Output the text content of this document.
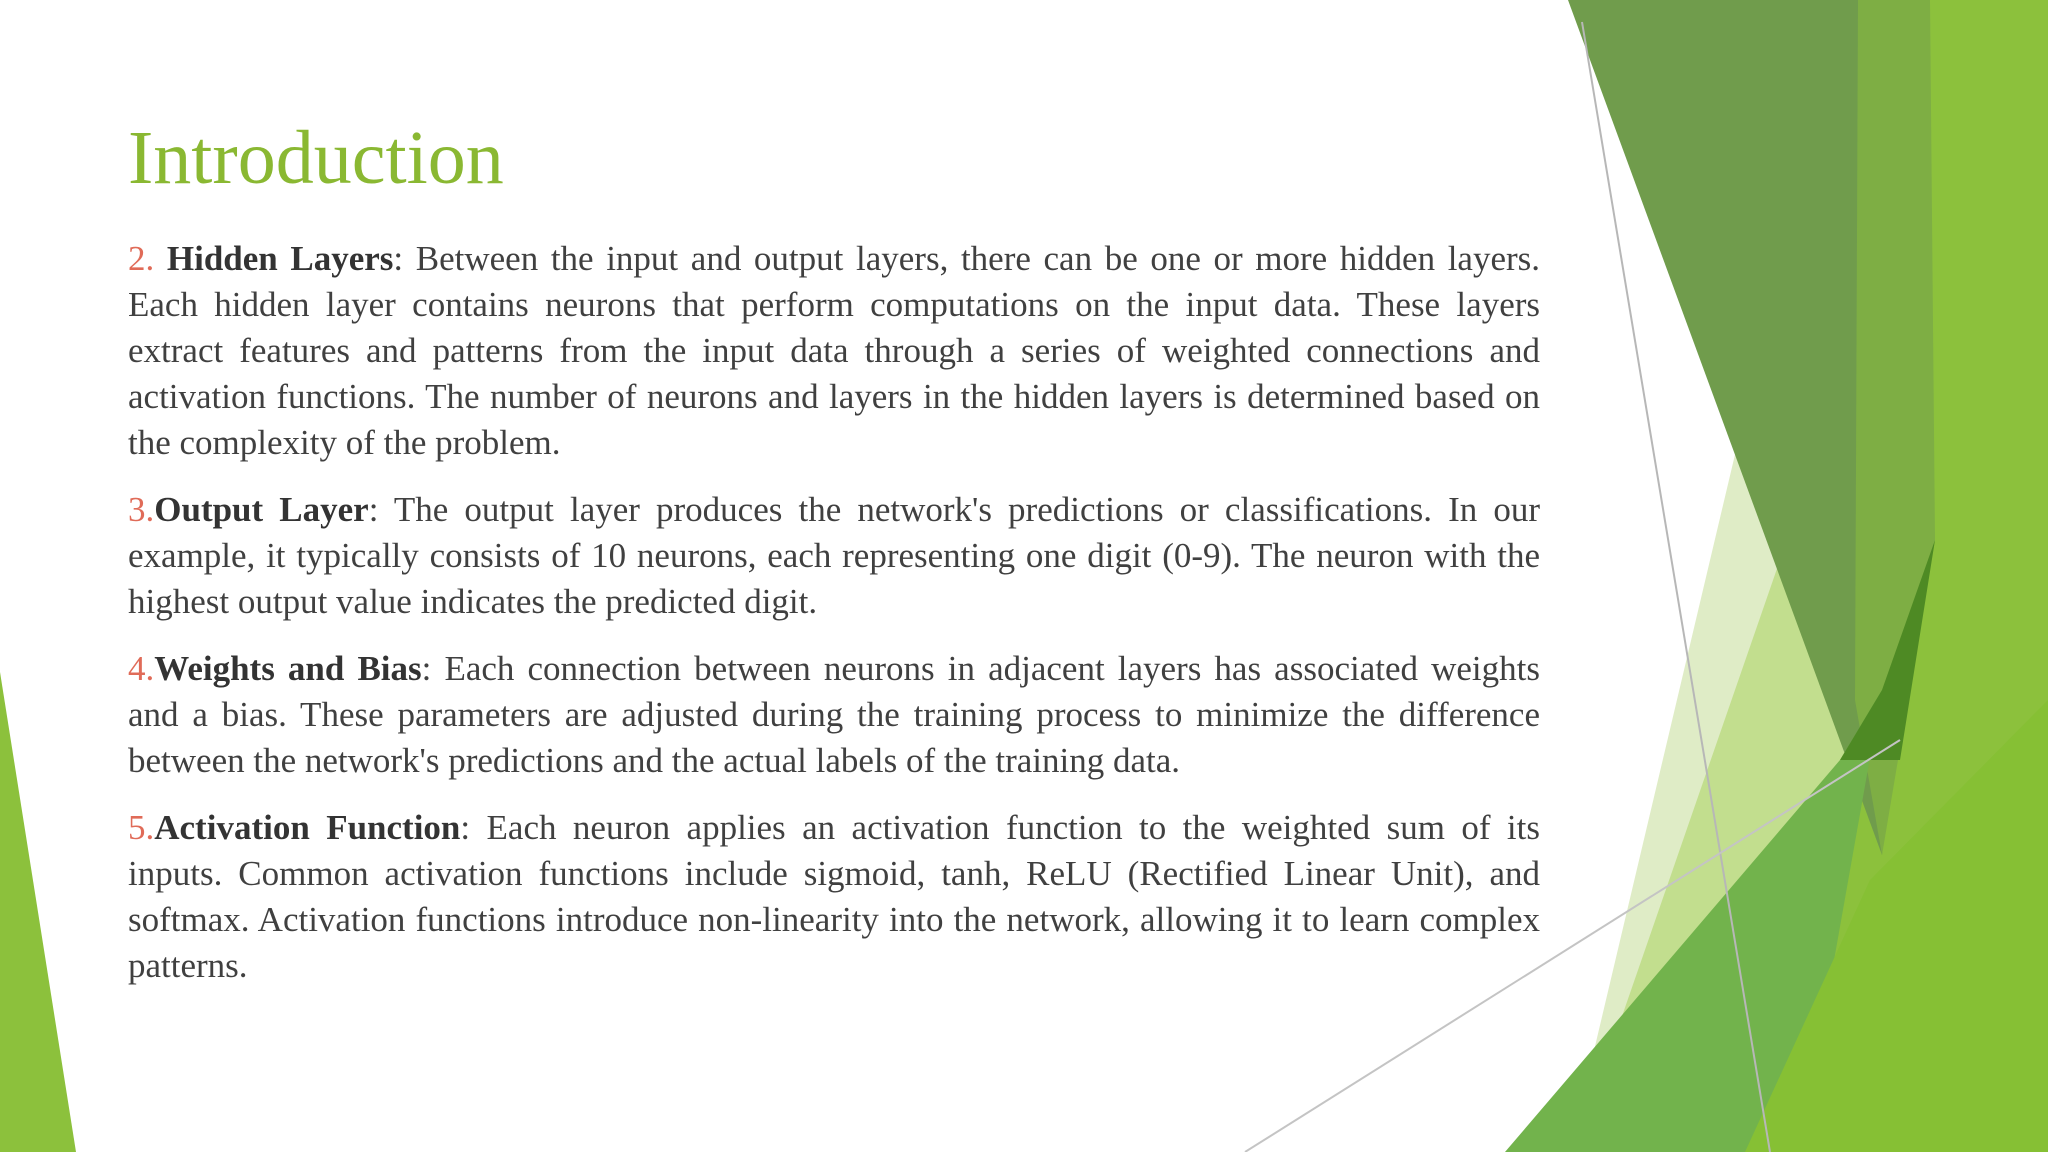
Introduction

2. Hidden Layers: Between the input and output layers, there can be one or more hidden layers. Each hidden layer contains neurons that perform computations on the input data. These layers extract features and patterns from the input data through a series of weighted connections and activation functions. The number of neurons and layers in the hidden layers is determined based on the complexity of the problem.

3.Output Layer: The output layer produces the network's predictions or classifications. In our example, it typically consists of 10 neurons, each representing one digit (0-9). The neuron with the highest output value indicates the predicted digit.

4.Weights and Bias: Each connection between neurons in adjacent layers has associated weights and a bias. These parameters are adjusted during the training process to minimize the difference between the network's predictions and the actual labels of the training data.

5.Activation Function: Each neuron applies an activation function to the weighted sum of its inputs. Common activation functions include sigmoid, tanh, ReLU (Rectified Linear Unit), and softmax. Activation functions introduce non-linearity into the network, allowing it to learn complex patterns.
